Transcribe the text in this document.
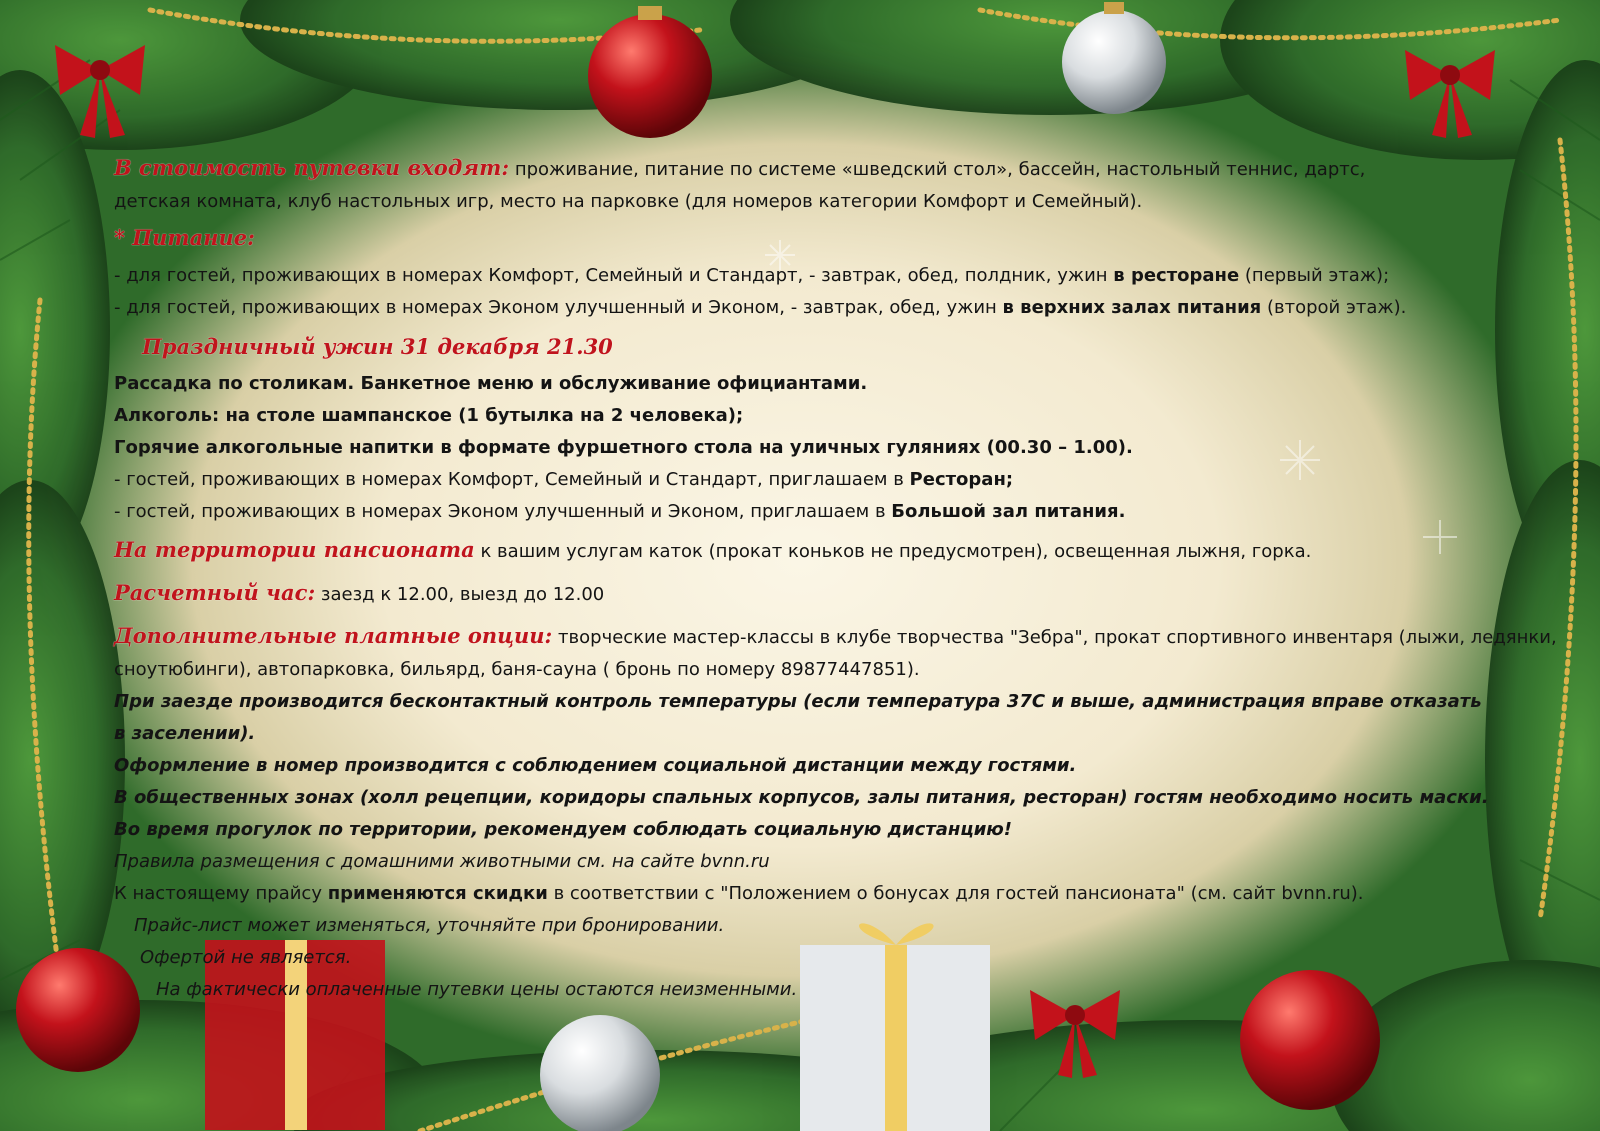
В стоимость путевки входят: проживание, питание по системе «шведский стол», бассейн, настольный теннис, дартс,
детская комната, клуб настольных игр, место на парковке (для номеров категории Комфорт и Семейный).
* Питание:
- для гостей, проживающих в номерах Комфорт, Семейный и Стандарт, - завтрак, обед, полдник, ужин в ресторане (первый этаж);
- для гостей, проживающих в номерах Эконом улучшенный и Эконом, - завтрак, обед, ужин в верхних залах питания (второй этаж).
Праздничный ужин 31 декабря 21.30
Рассадка по столикам. Банкетное меню и обслуживание официантами.
Алкоголь: на столе шампанское (1 бутылка на 2 человека);
Горячие алкогольные напитки в формате фуршетного стола на уличных гуляниях (00.30 – 1.00).
- гостей, проживающих в номерах Комфорт, Семейный и Стандарт, приглашаем в Ресторан;
- гостей, проживающих в номерах Эконом улучшенный и Эконом, приглашаем в Большой зал питания.
На территории пансионата к вашим услугам каток (прокат коньков не предусмотрен), освещенная лыжня, горка.
Расчетный час: заезд к 12.00, выезд до 12.00
Дополнительные платные опции: творческие мастер-классы в клубе творчества "Зебра", прокат спортивного инвентаря (лыжи, ледянки,
сноутюбинги), автопарковка, бильярд, баня-сауна ( бронь по номеру 89877447851).
При заезде производится бесконтактный контроль температуры (если температура 37С и выше, администрация вправе отказать
в заселении).
Оформление в номер производится с соблюдением социальной дистанции между гостями.
В общественных зонах (холл рецепции, коридоры спальных корпусов, залы питания, ресторан) гостям необходимо носить маски.
Во время прогулок по территории, рекомендуем соблюдать социальную дистанцию!
Правила размещения с домашними животными см. на сайте bvnn.ru
К настоящему прайсу применяются скидки в соответствии с "Положением о бонусах для гостей пансионата" (см. сайт bvnn.ru).
Прайс-лист может изменяться, уточняйте при бронировании.
Офертой не является.
На фактически оплаченные путевки цены остаются неизменными.
